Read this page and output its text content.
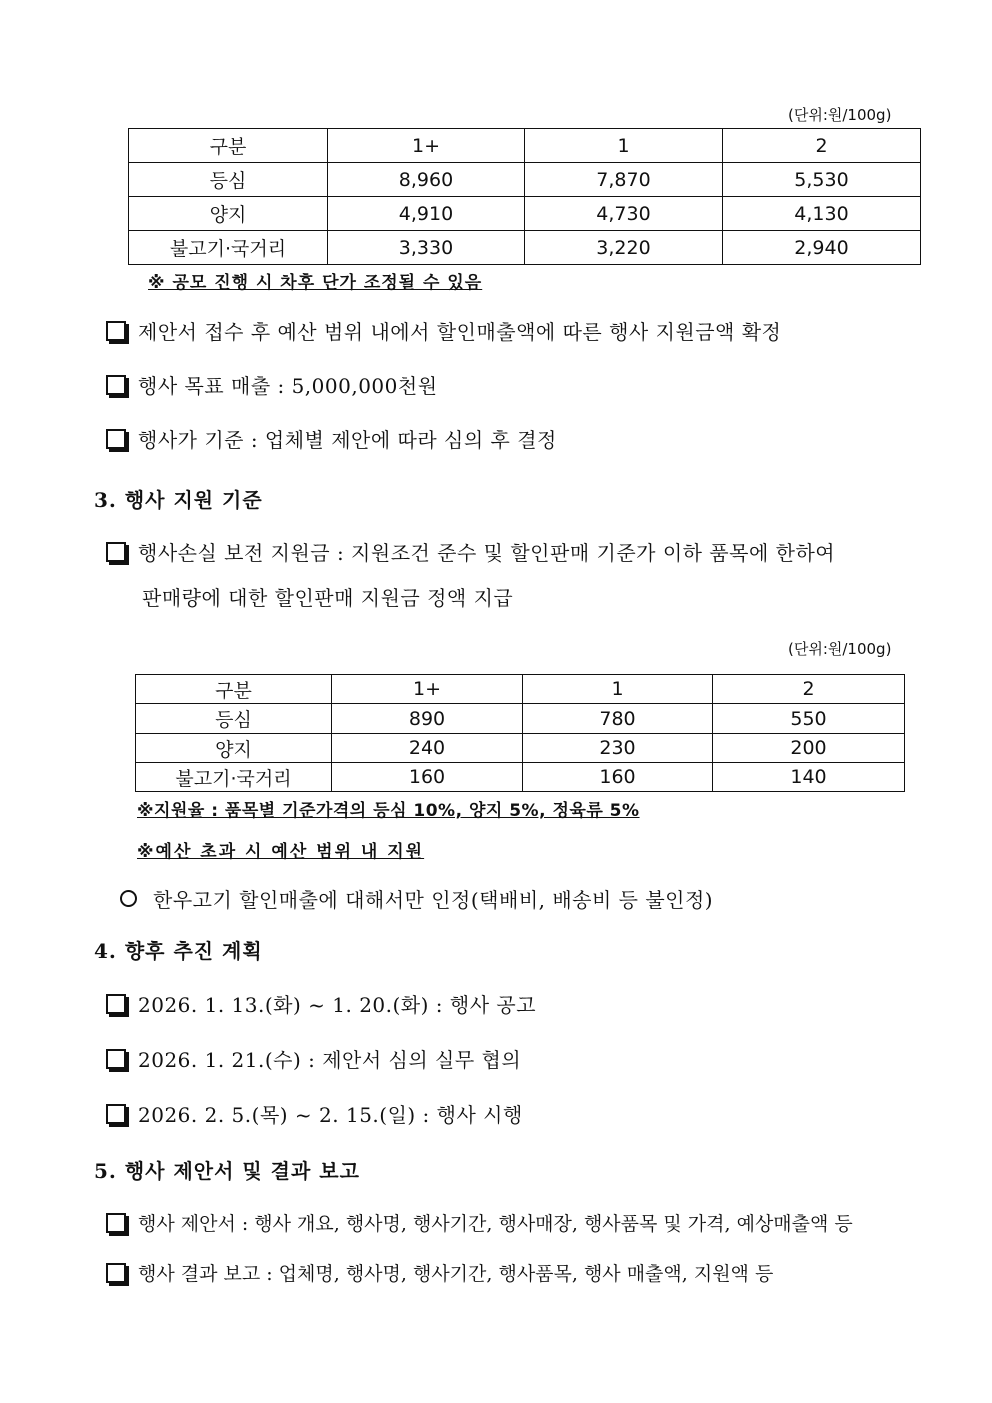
(단위:원/100g)
구분	1+	1	2
등심	8,960	7,870	5,530
양지	4,910	4,730	4,130
불고기·국거리	3,330	3,220	2,940
※ 공모 진행 시 차후 단가 조정될 수 있음
제안서 접수 후 예산 범위 내에서 할인매출액에 따른 행사 지원금액 확정
행사 목표 매출 : 5,000,000천원
행사가 기준 : 업체별 제안에 따라 심의 후 결정
3. 행사 지원 기준
행사손실 보전 지원금 : 지원조건 준수 및 할인판매 기준가 이하 품목에 한하여
판매량에 대한 할인판매 지원금 정액 지급
(단위:원/100g)
구분	1+	1	2
등심	890	780	550
양지	240	230	200
불고기·국거리	160	160	140
※지원율 : 품목별 기준가격의 등심 10%, 양지 5%, 정육류 5%
※예산 초과 시 예산 범위 내 지원
한우고기 할인매출에 대해서만 인정(택배비, 배송비 등 불인정)
4. 향후 추진 계획
2026. 1. 13.(화) ~ 1. 20.(화) : 행사 공고
2026. 1. 21.(수) : 제안서 심의 실무 협의
2026. 2. 5.(목) ~ 2. 15.(일) : 행사 시행
5. 행사 제안서 및 결과 보고
행사 제안서 : 행사 개요, 행사명, 행사기간, 행사매장, 행사품목 및 가격, 예상매출액 등
행사 결과 보고 : 업체명, 행사명, 행사기간, 행사품목, 행사 매출액, 지원액 등
